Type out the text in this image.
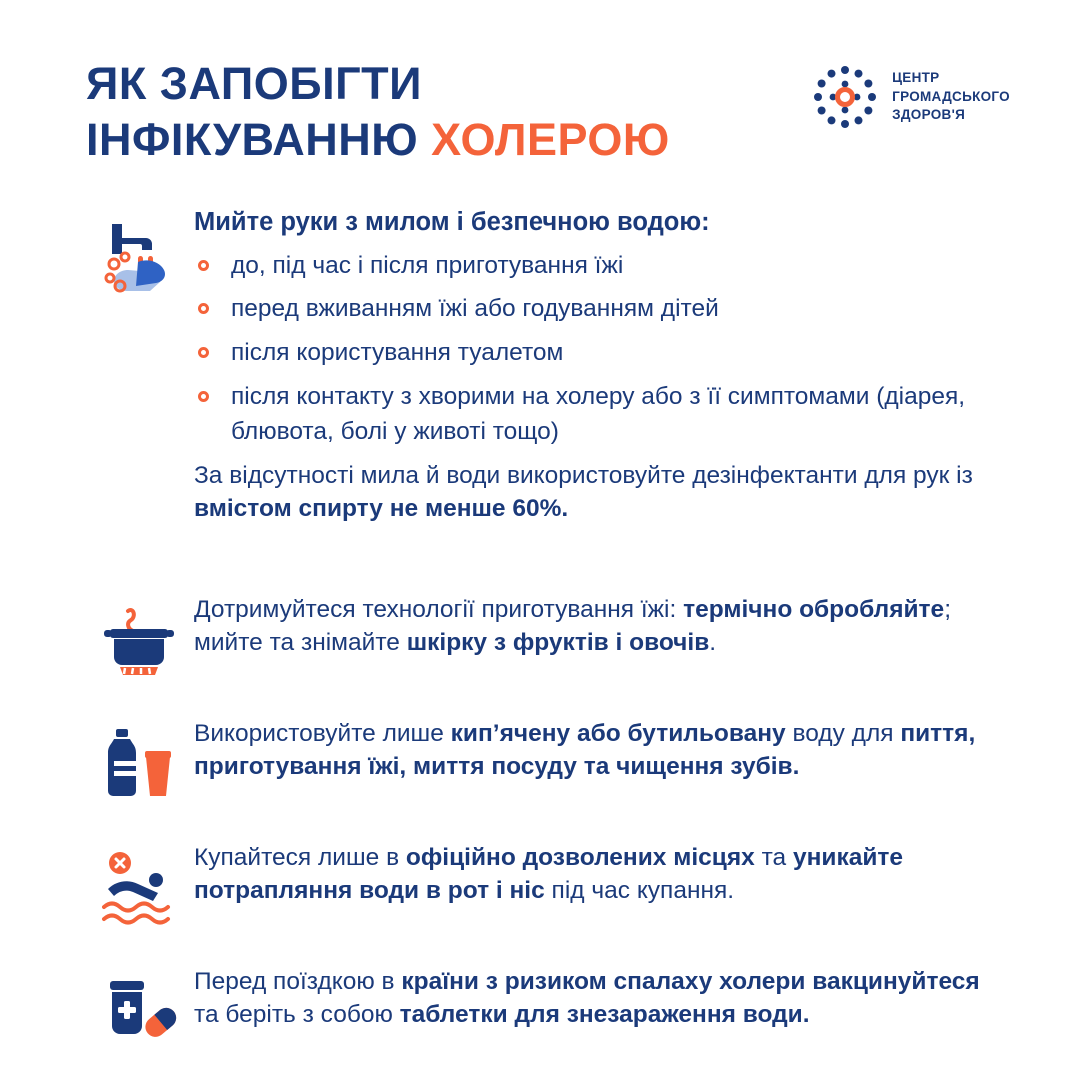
ЯК ЗАПОБІГТИ
ІНФІКУВАННЮ ХОЛЕРОЮ
ЦЕНТР
ГРОМАДСЬКОГО
ЗДОРОВ'Я

Мийте руки з милом і безпечною водою:

до, під час і після приготування їжі
перед вживанням їжі або годуванням дітей
після користування туалетом
після контакту з хворими на холеру або з її симптомами (діарея, блювота, болі у животі тощо)

За відсутності мила й води використовуйте дезінфектанти для рук із вмістом спирту не менше 60%.

Дотримуйтеся технології приготування їжі: термічно обробляйте; мийте та знімайте шкірку з фруктів і овочів.

Використовуйте лише кип’ячену або бутильовану воду для пиття, приготування їжі, миття посуду та чищення зубів.

Купайтеся лише в офіційно дозволених місцях та уникайте потрапляння води в рот і ніс під час купання.

Перед поїздкою в країни з ризиком спалаху холери вакцинуйтеся та беріть з собою таблетки для знезараження води.
